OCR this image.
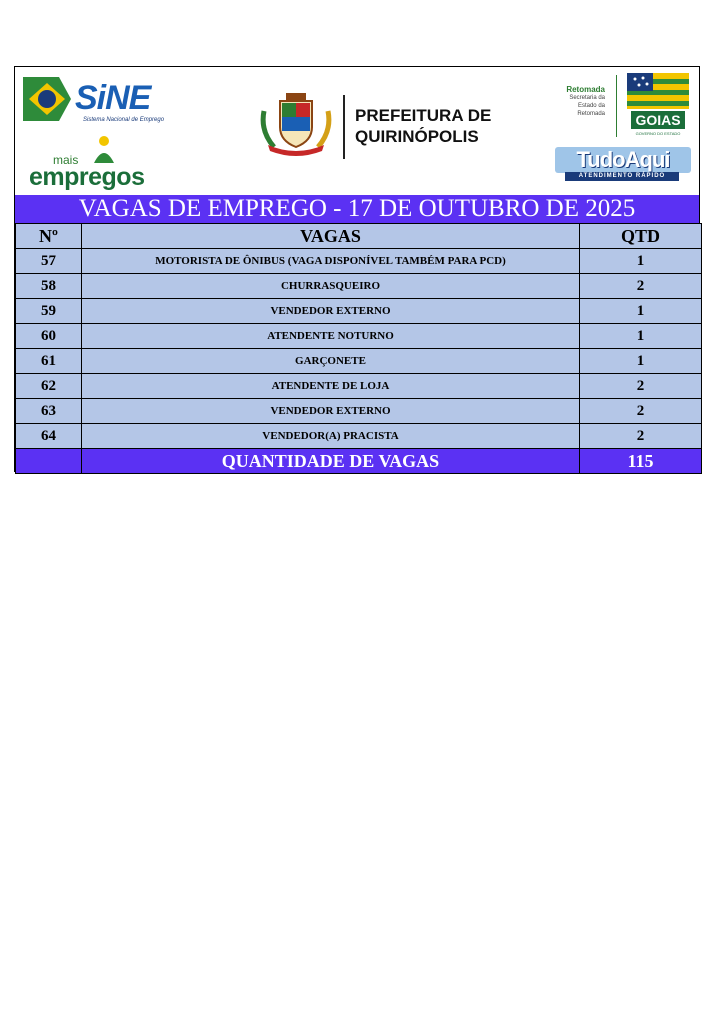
SiNE
Sistema Nacional de Emprego
mais
empregos
PREFEITURA DE
QUIRINÓPOLIS
Retomada
Secretaria da
Estado da
Retomada	GOIAS
GOVERNO DO ESTADO
TudoAqui
ATENDIMENTO RÁPIDO
VAGAS DE EMPREGO - 17 DE OUTUBRO DE 2025
Nº	VAGAS	QTD
57	MOTORISTA DE ÔNIBUS (VAGA DISPONÍVEL TAMBÉM PARA PCD)	1
58	CHURRASQUEIRO	2
59	VENDEDOR EXTERNO	1
60	ATENDENTE NOTURNO	1
61	GARÇONETE	1
62	ATENDENTE DE LOJA	2
63	VENDEDOR EXTERNO	2
64	VENDEDOR(A) PRACISTA	2
	QUANTIDADE DE VAGAS	115
